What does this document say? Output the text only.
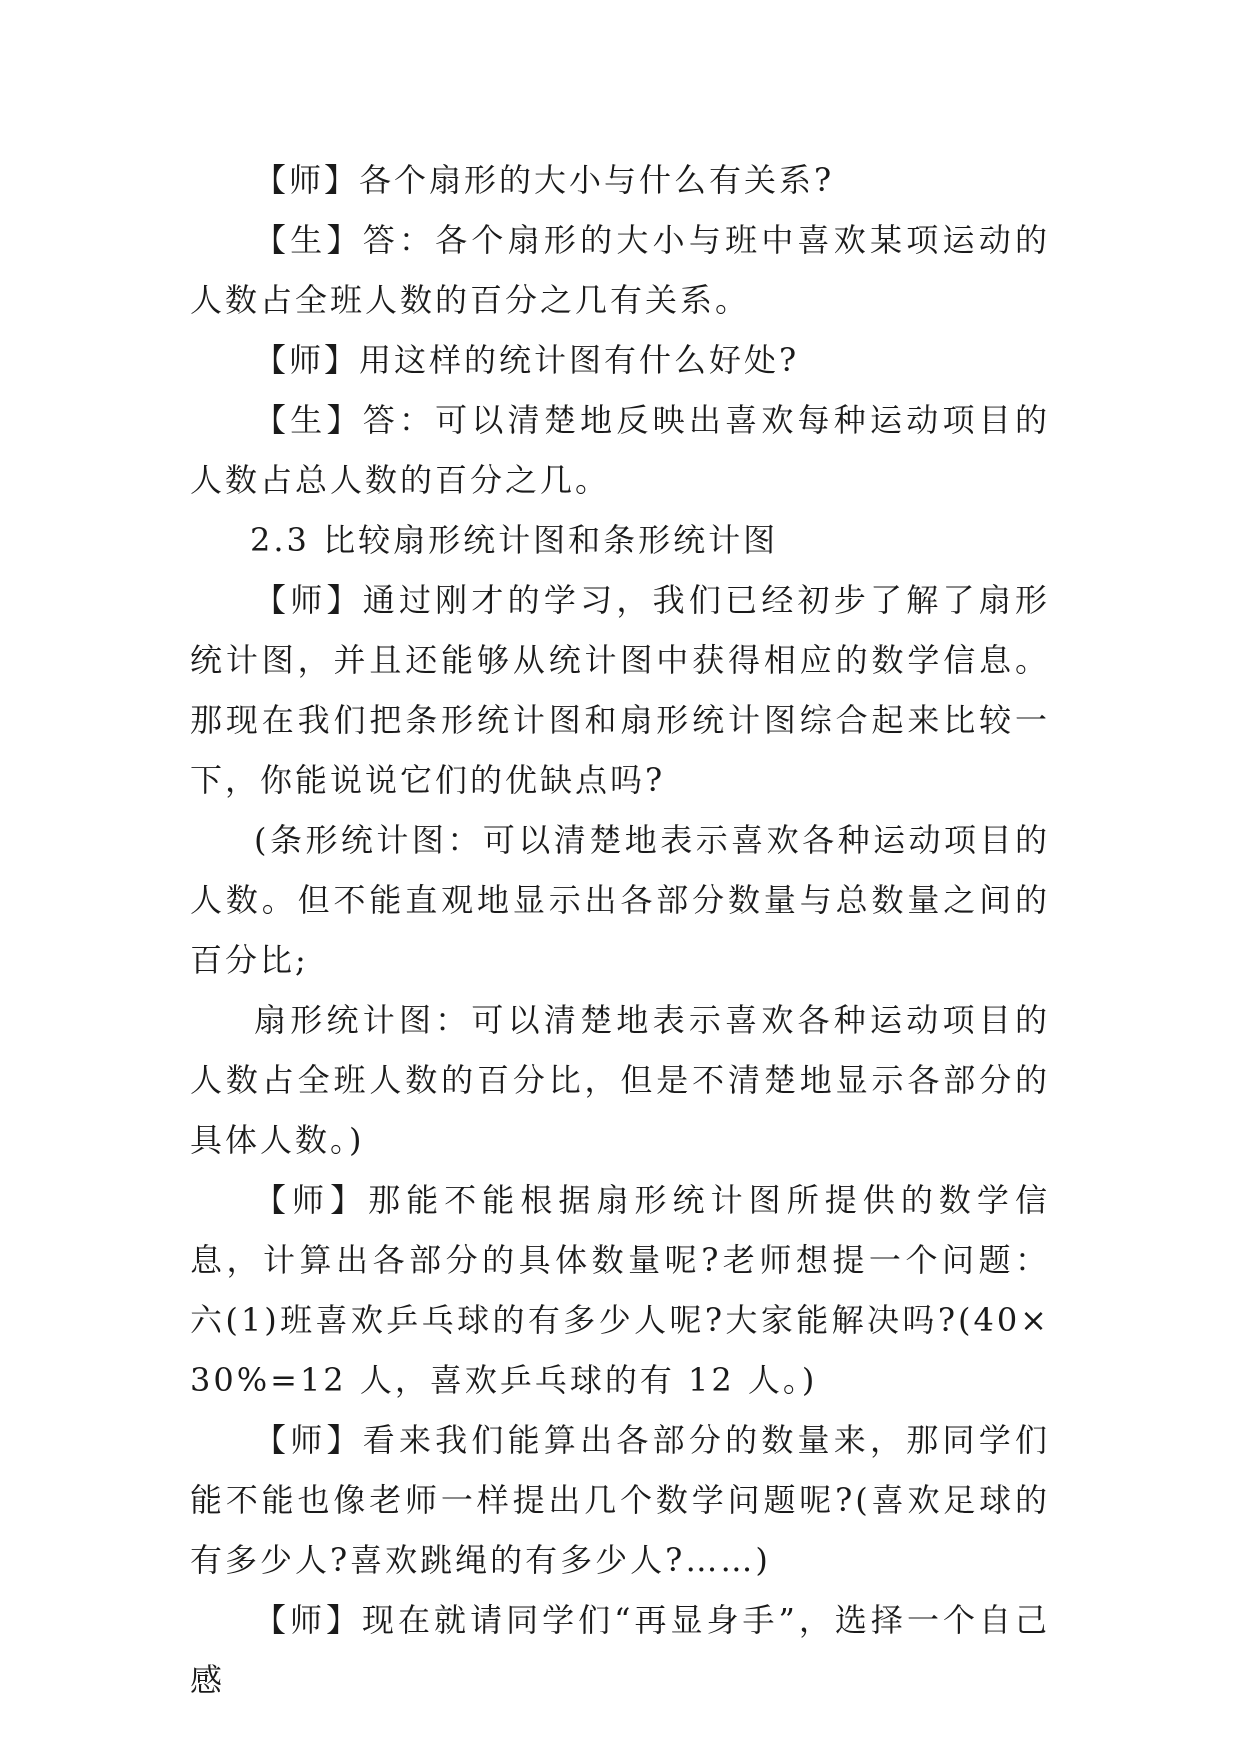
【师】各个扇形的大小与什么有关系?

【生】答：各个扇形的大小与班中喜欢某项运动的人数占全班人数的百分之几有关系。

【师】用这样的统计图有什么好处?

【生】答：可以清楚地反映出喜欢每种运动项目的人数占总人数的百分之几。

2.3 比较扇形统计图和条形统计图

【师】通过刚才的学习，我们已经初步了解了扇形统计图，并且还能够从统计图中获得相应的数学信息。那现在我们把条形统计图和扇形统计图综合起来比较一下，你能说说它们的优缺点吗?

(条形统计图：可以清楚地表示喜欢各种运动项目的人数。但不能直观地显示出各部分数量与总数量之间的百分比;

扇形统计图：可以清楚地表示喜欢各种运动项目的人数占全班人数的百分比，但是不清楚地显示各部分的具体人数。)

【师】那能不能根据扇形统计图所提供的数学信息，计算出各部分的具体数量呢?老师想提一个问题：六(1)班喜欢乒乓球的有多少人呢?大家能解决吗?(40×30%=12 人，喜欢乒乓球的有 12 人。)

【师】看来我们能算出各部分的数量来，那同学们能不能也像老师一样提出几个数学问题呢?(喜欢足球的有多少人?喜欢跳绳的有多少人?……)

【师】现在就请同学们“再显身手”，选择一个自己感
